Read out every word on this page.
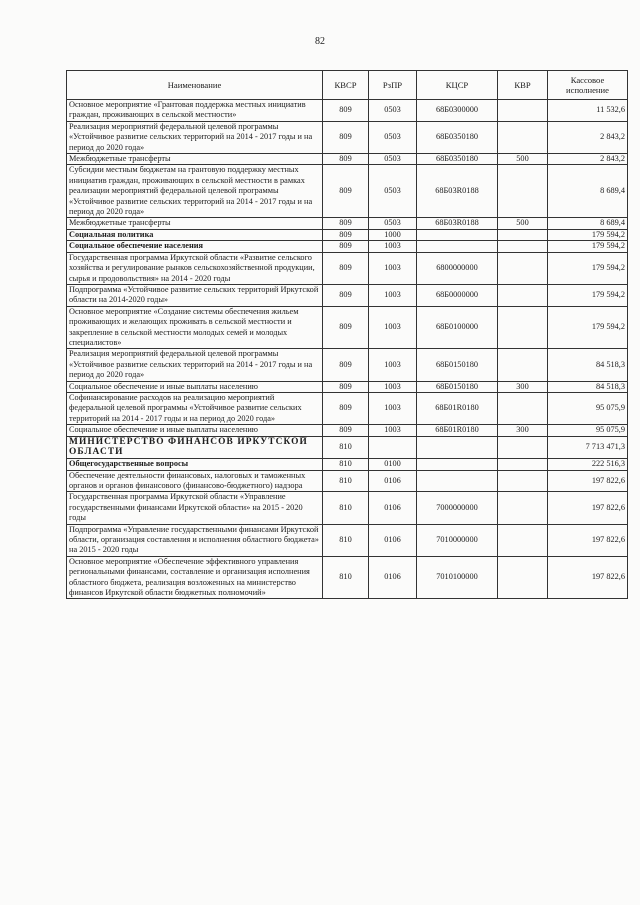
82
Наименование	КВСР	РзПР	КЦСР	КВР	Кассовое исполнение
Основное мероприятие «Грантовая поддержка местных инициатив граждан, проживающих в сельской местности»	809	0503	68Б0300000		11 532,6
Реализация мероприятий федеральной целевой программы «Устойчивое развитие сельских территорий на 2014 - 2017 годы и на период до 2020 года»	809	0503	68Б0350180		2 843,2
Межбюджетные трансферты	809	0503	68Б0350180	500	2 843,2
Субсидии местным бюджетам на грантовую поддержку местных инициатив граждан, проживающих в сельской местности в рамках реализации мероприятий федеральной целевой программы «Устойчивое развитие сельских территорий на 2014 - 2017 годы и на период до 2020 года»	809	0503	68Б03R0188		8 689,4
Межбюджетные трансферты	809	0503	68Б03R0188	500	8 689,4
Социальная политика	809	1000			179 594,2
Социальное обеспечение населения	809	1003			179 594,2
Государственная программа Иркутской области «Развитие сельского хозяйства и регулирование рынков сельскохозяйственной продукции, сырья и продовольствия» на 2014 - 2020 годы	809	1003	6800000000		179 594,2
Подпрограмма «Устойчивое развитие сельских территорий Иркутской области на 2014-2020 годы»	809	1003	68Б0000000		179 594,2
Основное мероприятие «Создание системы обеспечения жильем проживающих и желающих проживать в сельской местности и закрепление в сельской местности молодых семей и молодых специалистов»	809	1003	68Б0100000		179 594,2
Реализация мероприятий федеральной целевой программы «Устойчивое развитие сельских территорий на 2014 - 2017 годы и на период до 2020 года»	809	1003	68Б0150180		84 518,3
Социальное обеспечение и иные выплаты населению	809	1003	68Б0150180	300	84 518,3
Софинансирование расходов на реализацию мероприятий федеральной целевой программы «Устойчивое развитие сельских территорий на 2014 - 2017 годы и на период до 2020 года»	809	1003	68Б01R0180		95 075,9
Социальное обеспечение и иные выплаты населению	809	1003	68Б01R0180	300	95 075,9
МИНИСТЕРСТВО ФИНАНСОВ ИРКУТСКОЙ ОБЛАСТИ	810				7 713 471,3
Общегосударственные вопросы	810	0100			222 516,3
Обеспечение деятельности финансовых, налоговых и таможенных органов и органов финансового (финансово-бюджетного) надзора	810	0106			197 822,6
Государственная программа Иркутской области «Управление государственными финансами Иркутской области» на 2015 - 2020 годы	810	0106	7000000000		197 822,6
Подпрограмма «Управление государственными финансами Иркутской области, организация составления и исполнения областного бюджета» на 2015 - 2020 годы	810	0106	7010000000		197 822,6
Основное мероприятие «Обеспечение эффективного управления региональными финансами, составление и организация исполнения областного бюджета, реализация возложенных на министерство финансов Иркутской области бюджетных полномочий»	810	0106	7010100000		197 822,6
